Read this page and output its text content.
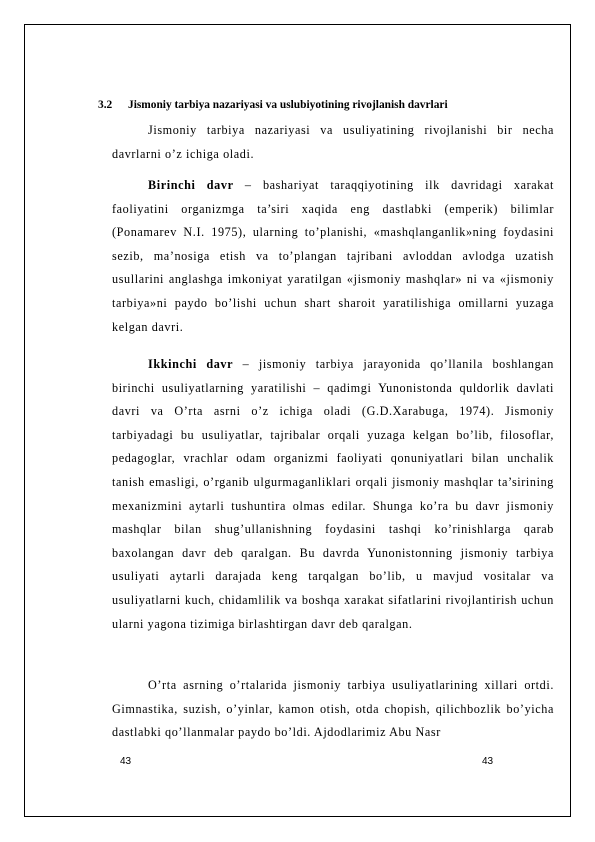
3.2 Jismoniy tarbiya nazariyasi va uslubiyotining rivojlanish davrlari

Jismoniy tarbiya nazariyasi va usuliyatining rivojlanishi bir necha davrlarni o’z ichiga oladi.

Birinchi davr – bashariyat taraqqiyotining ilk davridagi xarakat faoliyatini organizmga ta’siri xaqida eng dastlabki (emperik) bilimlar (Ponamarev N.I. 1975), ularning to’planishi, «mashqlanganlik»ning foydasini sezib, ma’nosiga etish va to’plangan tajribani avloddan avlodga uzatish usullarini anglashga imkoniyat yaratilgan «jismoniy mashqlar» ni va «jismoniy tarbiya»ni paydo bo’lishi uchun shart sharoit yaratilishiga omillarni yuzaga kelgan davri.

Ikkinchi davr – jismoniy tarbiya jarayonida qo’llanila boshlangan birinchi usuliyatlarning yaratilishi – qadimgi Yunonistonda quldorlik davlati davri va O’rta asrni o’z ichiga oladi (G.D.Xarabuga, 1974). Jismoniy tarbiyadagi bu usuliyatlar, tajribalar orqali yuzaga kelgan bo’lib, filosoflar, pedagoglar, vrachlar odam organizmi faoliyati qonuniyatlari bilan unchalik tanish emasligi, o’rganib ulgurmaganliklari orqali jismoniy mashqlar ta’sirining mexanizmini aytarli tushuntira olmas edilar. Shunga ko’ra bu davr jismoniy mashqlar bilan shug’ullanishning foydasini tashqi ko’rinishlarga qarab baxolangan davr deb qaralgan. Bu davrda Yunonistonning jismoniy tarbiya usuliyati aytarli darajada keng tarqalgan bo’lib, u mavjud vositalar va usuliyatlarni kuch, chidamlilik va boshqa xarakat sifatlarini rivojlantirish uchun ularni yagona tizimiga birlashtirgan davr deb qaralgan.

O’rta asrning o’rtalarida jismoniy tarbiya usuliyatlarining xillari ortdi. Gimnastika, suzish, o’yinlar, kamon otish, otda chopish, qilichbozlik bo’yicha dastlabki qo’llanmalar paydo bo’ldi. Ajdodlarimiz Abu Nasr

43	43
